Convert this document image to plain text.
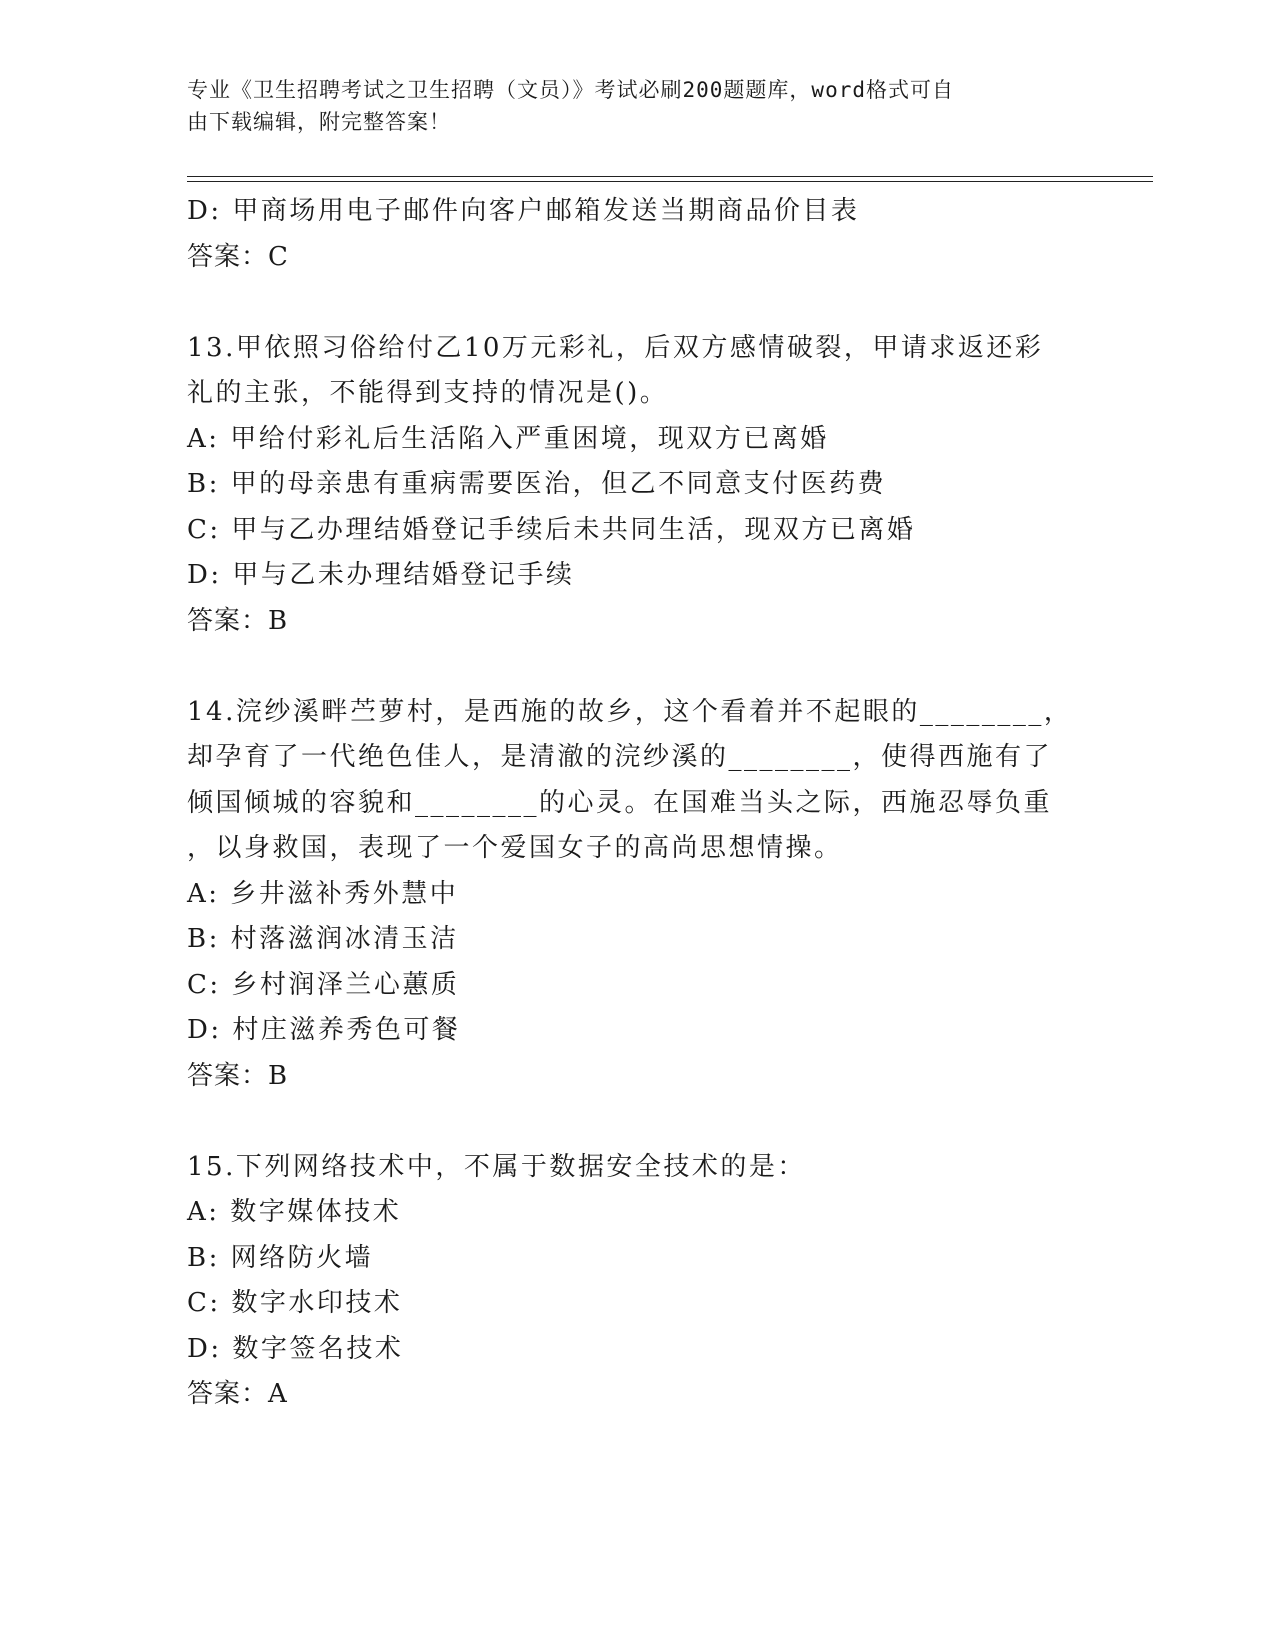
专业《卫生招聘考试之卫生招聘（文员）》考试必刷200题题库，word格式可自
由下载编辑，附完整答案！
D: 甲商场用电子邮件向客户邮箱发送当期商品价目表
答案：C
13.甲依照习俗给付乙10万元彩礼，后双方感情破裂，甲请求返还彩
礼的主张，不能得到支持的情况是()。
A: 甲给付彩礼后生活陷入严重困境，现双方已离婚
B: 甲的母亲患有重病需要医治，但乙不同意支付医药费
C: 甲与乙办理结婚登记手续后未共同生活，现双方已离婚
D: 甲与乙未办理结婚登记手续
答案：B
14.浣纱溪畔苎萝村，是西施的故乡，这个看着并不起眼的________，
却孕育了一代绝色佳人，是清澈的浣纱溪的________，使得西施有了
倾国倾城的容貌和________的心灵。在国难当头之际，西施忍辱负重
，以身救国，表现了一个爱国女子的高尚思想情操。
A: 乡井滋补秀外慧中
B: 村落滋润冰清玉洁
C: 乡村润泽兰心蕙质
D: 村庄滋养秀色可餐
答案：B
15.下列网络技术中，不属于数据安全技术的是：
A: 数字媒体技术
B: 网络防火墙
C: 数字水印技术
D: 数字签名技术
答案：A
